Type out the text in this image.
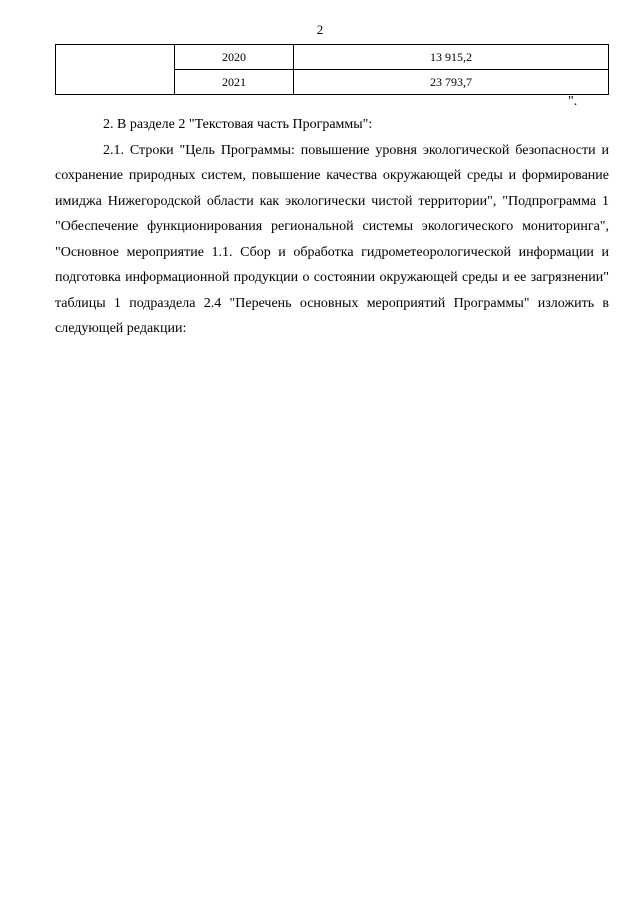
2
	2020	13 915,2
	2021	23 793,7
".

2. В разделе 2 "Текстовая часть Программы":

2.1. Строки "Цель Программы: повышение уровня экологической безопасности и сохранение природных систем, повышение качества окружающей среды и формирование имиджа Нижегородской области как экологически чистой территории", "Подпрограмма 1 "Обеспечение функционирования региональной системы экологического мониторинга", "Основное мероприятие 1.1. Сбор и обработка гидрометеорологической информации и подготовка информационной продукции о состоянии окружающей среды и ее загрязнении" таблицы 1 подраздела 2.4 "Перечень основных мероприятий Программы" изложить в следующей редакции:
